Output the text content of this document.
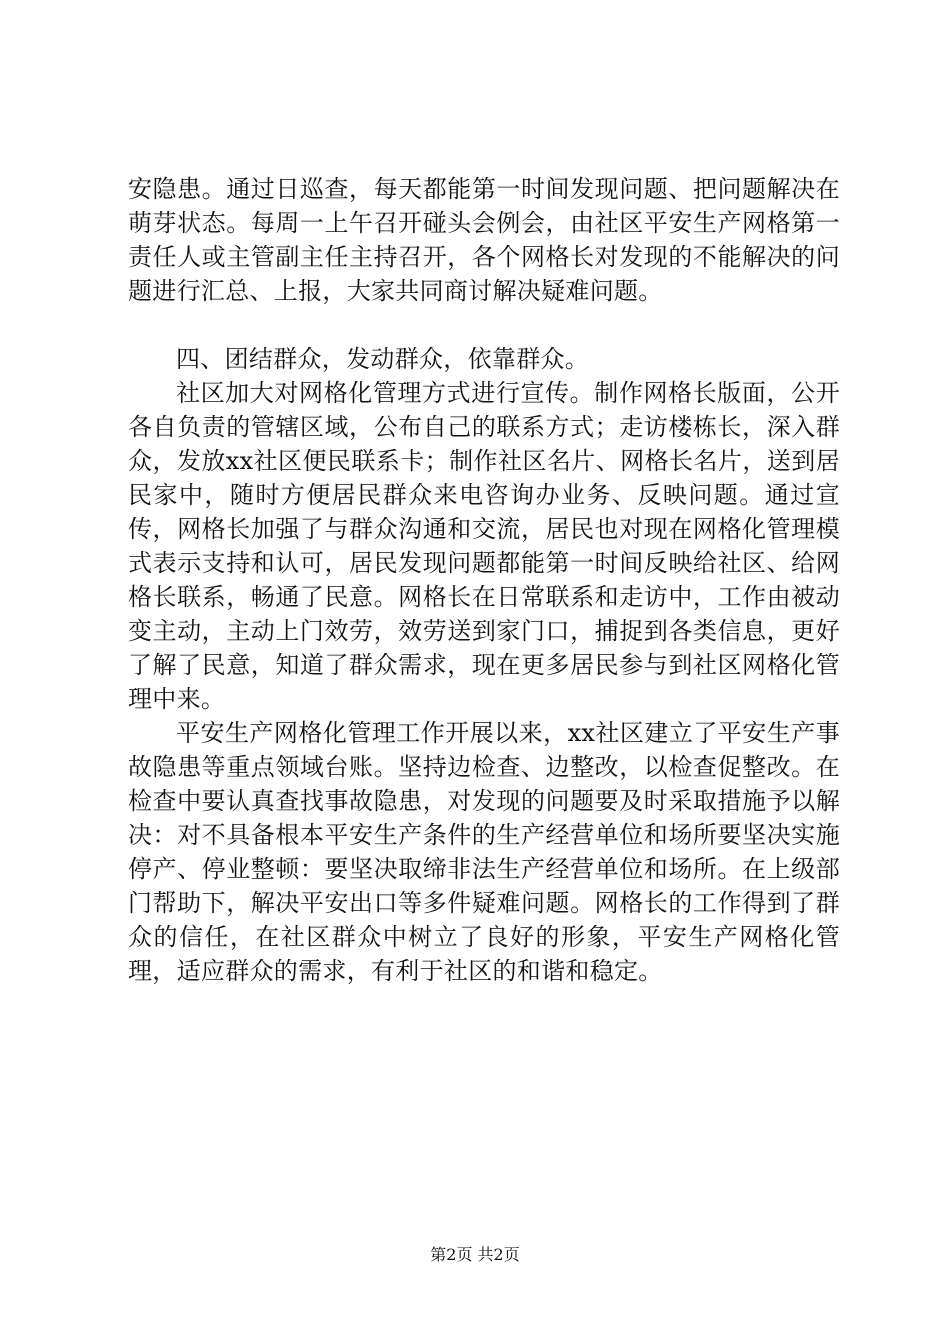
安隐患。通过日巡查，每天都能第一时间发现问题、把问题解决在萌芽状态。每周一上午召开碰头会例会，由社区平安生产网格第一责任人或主管副主任主持召开，各个网格长对发现的不能解决的问题进行汇总、上报，大家共同商讨解决疑难问题。

四、团结群众，发动群众，依靠群众。

社区加大对网格化管理方式进行宣传。制作网格长版面，公开各自负责的管辖区域，公布自己的联系方式；走访楼栋长，深入群众，发放xx社区便民联系卡；制作社区名片、网格长名片，送到居民家中，随时方便居民群众来电咨询办业务、反映问题。通过宣传，网格长加强了与群众沟通和交流，居民也对现在网格化管理模式表示支持和认可，居民发现问题都能第一时间反映给社区、给网格长联系，畅通了民意。网格长在日常联系和走访中，工作由被动变主动，主动上门效劳，效劳送到家门口，捕捉到各类信息，更好了解了民意，知道了群众需求，现在更多居民参与到社区网格化管理中来。

平安生产网格化管理工作开展以来，xx社区建立了平安生产事故隐患等重点领域台账。坚持边检查、边整改，以检查促整改。在检查中要认真查找事故隐患，对发现的问题要及时采取措施予以解决：对不具备根本平安生产条件的生产经营单位和场所要坚决实施停产、停业整顿：要坚决取缔非法生产经营单位和场所。在上级部门帮助下，解决平安出口等多件疑难问题。网格长的工作得到了群众的信任，在社区群众中树立了良好的形象，平安生产网格化管理，适应群众的需求，有利于社区的和谐和稳定。

第2页 共2页
